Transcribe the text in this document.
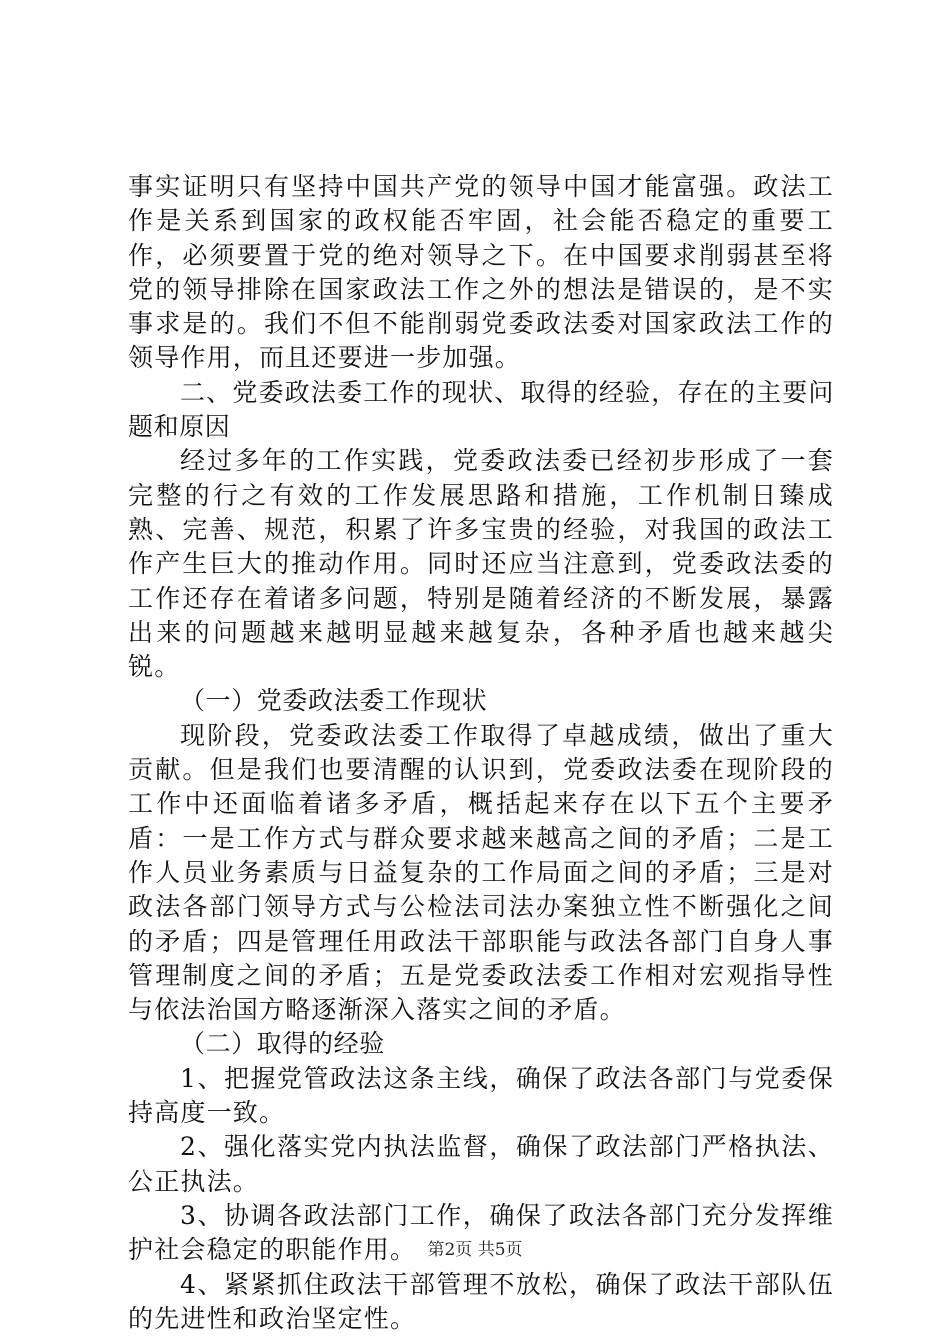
事实证明只有坚持中国共产党的领导中国才能富强。政法工作是关系到国家的政权能否牢固，社会能否稳定的重要工作，必须要置于党的绝对领导之下。在中国要求削弱甚至将党的领导排除在国家政法工作之外的想法是错误的，是不实事求是的。我们不但不能削弱党委政法委对国家政法工作的领导作用，而且还要进一步加强。

二、党委政法委工作的现状、取得的经验，存在的主要问题和原因

经过多年的工作实践，党委政法委已经初步形成了一套完整的行之有效的工作发展思路和措施，工作机制日臻成熟、完善、规范，积累了许多宝贵的经验，对我国的政法工作产生巨大的推动作用。同时还应当注意到，党委政法委的工作还存在着诸多问题，特别是随着经济的不断发展，暴露出来的问题越来越明显越来越复杂，各种矛盾也越来越尖锐。

（一）党委政法委工作现状

现阶段，党委政法委工作取得了卓越成绩，做出了重大贡献。但是我们也要清醒的认识到，党委政法委在现阶段的工作中还面临着诸多矛盾，概括起来存在以下五个主要矛盾：一是工作方式与群众要求越来越高之间的矛盾；二是工作人员业务素质与日益复杂的工作局面之间的矛盾；三是对政法各部门领导方式与公检法司法办案独立性不断强化之间的矛盾；四是管理任用政法干部职能与政法各部门自身人事管理制度之间的矛盾；五是党委政法委工作相对宏观指导性与依法治国方略逐渐深入落实之间的矛盾。

（二）取得的经验

1、把握党管政法这条主线，确保了政法各部门与党委保持高度一致。

2、强化落实党内执法监督，确保了政法部门严格执法、公正执法。

3、协调各政法部门工作，确保了政法各部门充分发挥维护社会稳定的职能作用。

4、紧紧抓住政法干部管理不放松，确保了政法干部队伍的先进性和政治坚定性。

第2页 共5页
